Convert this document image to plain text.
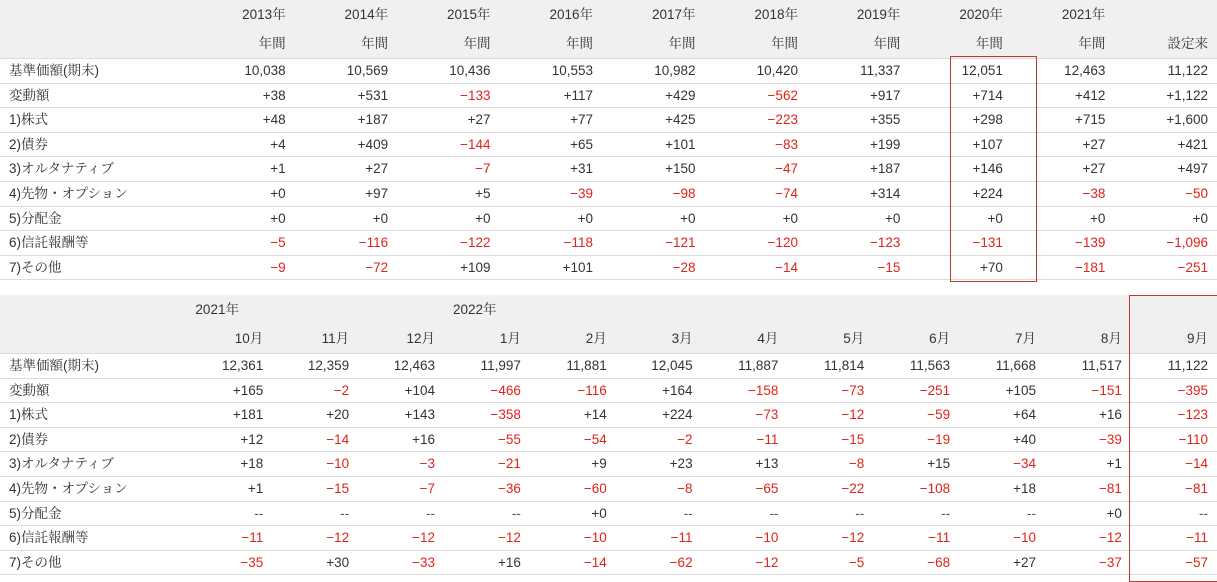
	2013年	2014年	2015年	2016年	2017年	2018年	2019年	2020年	2021年	
	年間	年間	年間	年間	年間	年間	年間	年間	年間	設定来
基準価額(期末)	10,038	10,569	10,436	10,553	10,982	10,420	11,337	12,051	12,463	11,122
変動額	+38	+531	−133	+117	+429	−562	+917	+714	+412	+1,122
1)株式	+48	+187	+27	+77	+425	−223	+355	+298	+715	+1,600
2)債券	+4	+409	−144	+65	+101	−83	+199	+107	+27	+421
3)オルタナティブ	+1	+27	−7	+31	+150	−47	+187	+146	+27	+497
4)先物・オプション	+0	+97	+5	−39	−98	−74	+314	+224	−38	−50
5)分配金	+0	+0	+0	+0	+0	+0	+0	+0	+0	+0
6)信託報酬等	−5	−116	−122	−118	−121	−120	−123	−131	−139	−1,096
7)その他	−9	−72	+109	+101	−28	−14	−15	+70	−181	−251
	2021年			2022年								
	10月	11月	12月	1月	2月	3月	4月	5月	6月	7月	8月	9月
基準価額(期末)	12,361	12,359	12,463	11,997	11,881	12,045	11,887	11,814	11,563	11,668	11,517	11,122
変動額	+165	−2	+104	−466	−116	+164	−158	−73	−251	+105	−151	−395
1)株式	+181	+20	+143	−358	+14	+224	−73	−12	−59	+64	+16	−123
2)債券	+12	−14	+16	−55	−54	−2	−11	−15	−19	+40	−39	−110
3)オルタナティブ	+18	−10	−3	−21	+9	+23	+13	−8	+15	−34	+1	−14
4)先物・オプション	+1	−15	−7	−36	−60	−8	−65	−22	−108	+18	−81	−81
5)分配金	--	--	--	--	+0	--	--	--	--	--	+0	--
6)信託報酬等	−11	−12	−12	−12	−10	−11	−10	−12	−11	−10	−12	−11
7)その他	−35	+30	−33	+16	−14	−62	−12	−5	−68	+27	−37	−57
